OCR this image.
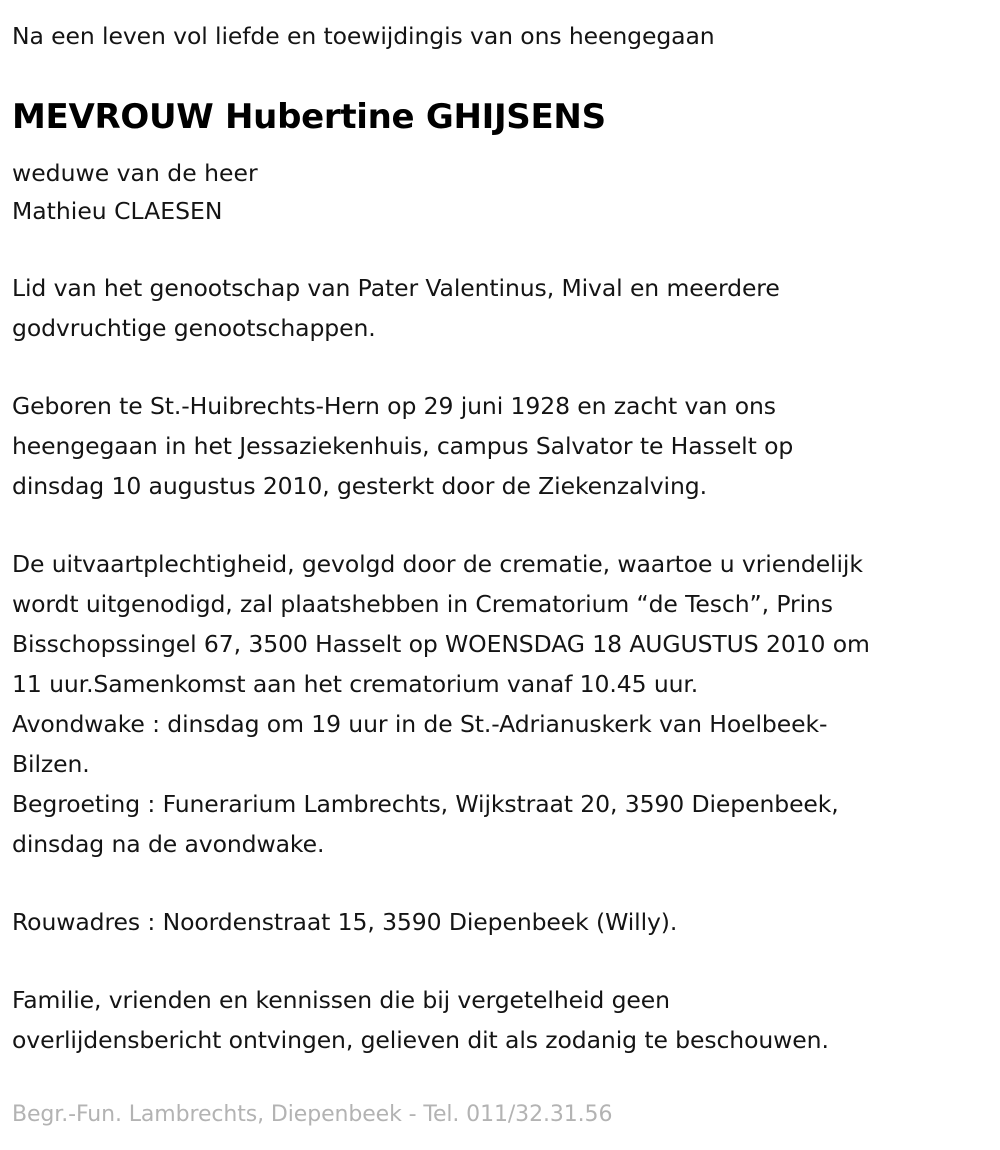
Na een leven vol liefde en toewijdingis van ons heengegaan

MEVROUW Hubertine GHIJSENS

weduwe van de heer

Mathieu CLAESEN

Lid van het genootschap van Pater Valentinus, Mival en meerdere
godvruchtige genootschappen.
Geboren te St.-Huibrechts-Hern op 29 juni 1928 en zacht van ons
heengegaan in het Jessaziekenhuis, campus Salvator te Hasselt op
dinsdag 10 augustus 2010, gesterkt door de Ziekenzalving.
De uitvaartplechtigheid, gevolgd door de crematie, waartoe u vriendelijk
wordt uitgenodigd, zal plaatshebben in Crematorium “de Tesch”, Prins
Bisschopssingel 67, 3500 Hasselt op WOENSDAG 18 AUGUSTUS 2010 om
11 uur.Samenkomst aan het crematorium vanaf 10.45 uur.
Avondwake : dinsdag om 19 uur in de St.-Adrianuskerk van Hoelbeek-
Bilzen.
Begroeting : Funerarium Lambrechts, Wijkstraat 20, 3590 Diepenbeek,
dinsdag na de avondwake.

Rouwadres : Noordenstraat 15, 3590 Diepenbeek (Willy).

Familie, vrienden en kennissen die bij vergetelheid geen
overlijdensbericht ontvingen, gelieven dit als zodanig te beschouwen.

Begr.-Fun. Lambrechts, Diepenbeek - Tel. 011/32.31.56
